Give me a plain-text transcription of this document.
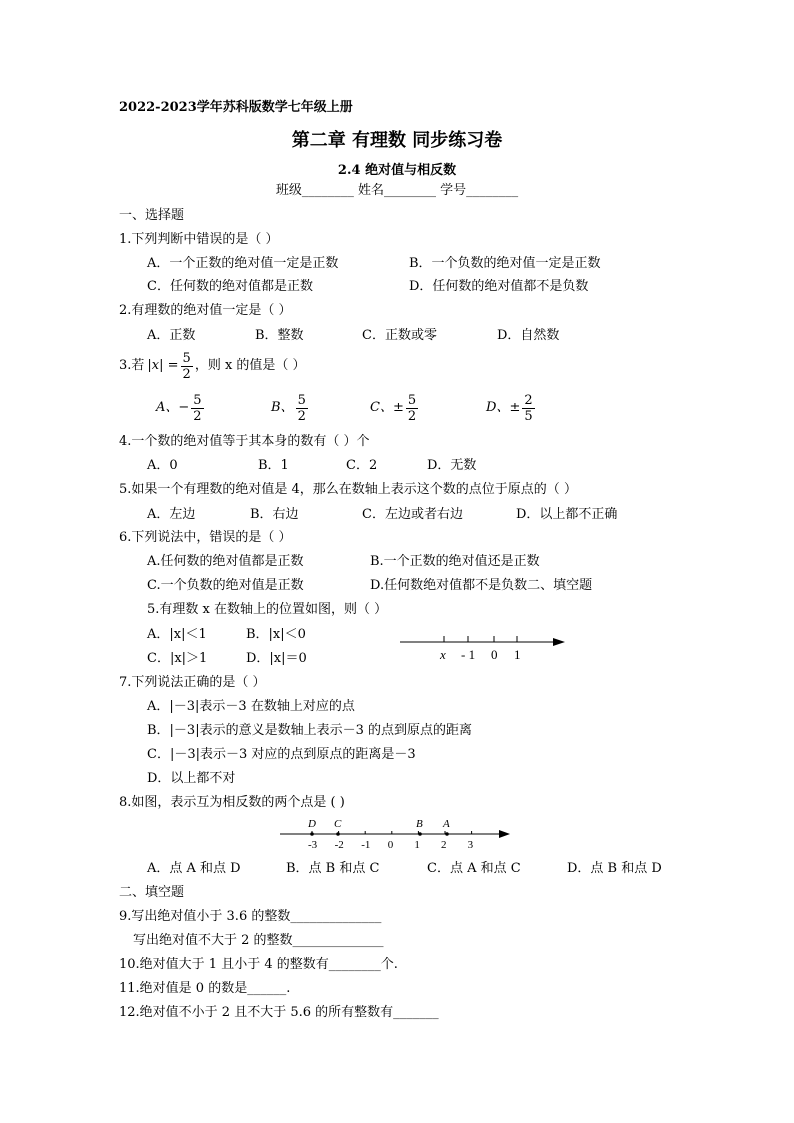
2022-2023学年苏科版数学七年级上册
第二章 有理数 同步练习卷
2.4 绝对值与相反数
班级________ 姓名________ 学号________
一、选择题
1.下列判断中错误的是（ ）
A．一个正数的绝对值一定是正数	B．一个负数的绝对值一定是正数
C．任何数的绝对值都是正数	D．任何数的绝对值都不是负数
2.有理数的绝对值一定是（ ）
A．正数	B．整数	C．正数或零	D．自然数
3.若 $|x| = \frac{5}{2}$ ，则 x 的值是（ ）
A、 − $\frac{5}{2}$	B、 $\frac{5}{2}$	C、 ± $\frac{5}{2}$	D、 ± $\frac{2}{5}$
4.一个数的绝对值等于其本身的数有（ ）个
A．0	B．1	C．2	D．无数
5.如果一个有理数的绝对值是 4，那么在数轴上表示这个数的点位于原点的（ ）
A．左边	B．右边	C．左边或者右边	D．以上都不正确
6.下列说法中，错误的是（ ）
A.任何数的绝对值都是正数	B.一个正数的绝对值还是正数
C.一个负数的绝对值是正数	D.任何数绝对值都不是负数二、填空题
5.有理数 x 在数轴上的位置如图，则（ ）
A．|x|＜1	B．|x|＜0
C．|x|＞1	D．|x|＝0	x - 1 0 1
7.下列说法正确的是（ ）
A．|－3|表示－3 在数轴上对应的点
B．|－3|表示的意义是数轴上表示－3 的点到原点的距离
C．|－3|表示－3 对应的点到原点的距离是－3
D．以上都不对
8.如图，表示互为相反数的两个点是 ( )
-3 -2 -1 0 1 2 3
D C	B A
A．点 A 和点 D	B．点 B 和点 C	C．点 A 和点 C	D．点 B 和点 D
二、填空题
9.写出绝对值小于 3.6 的整数______________
写出绝对值不大于 2 的整数______________
10.绝对值大于 1 且小于 4 的整数有________个.
11.绝对值是 0 的数是______.
12.绝对值不小于 2 且不大于 5.6 的所有整数有_______
